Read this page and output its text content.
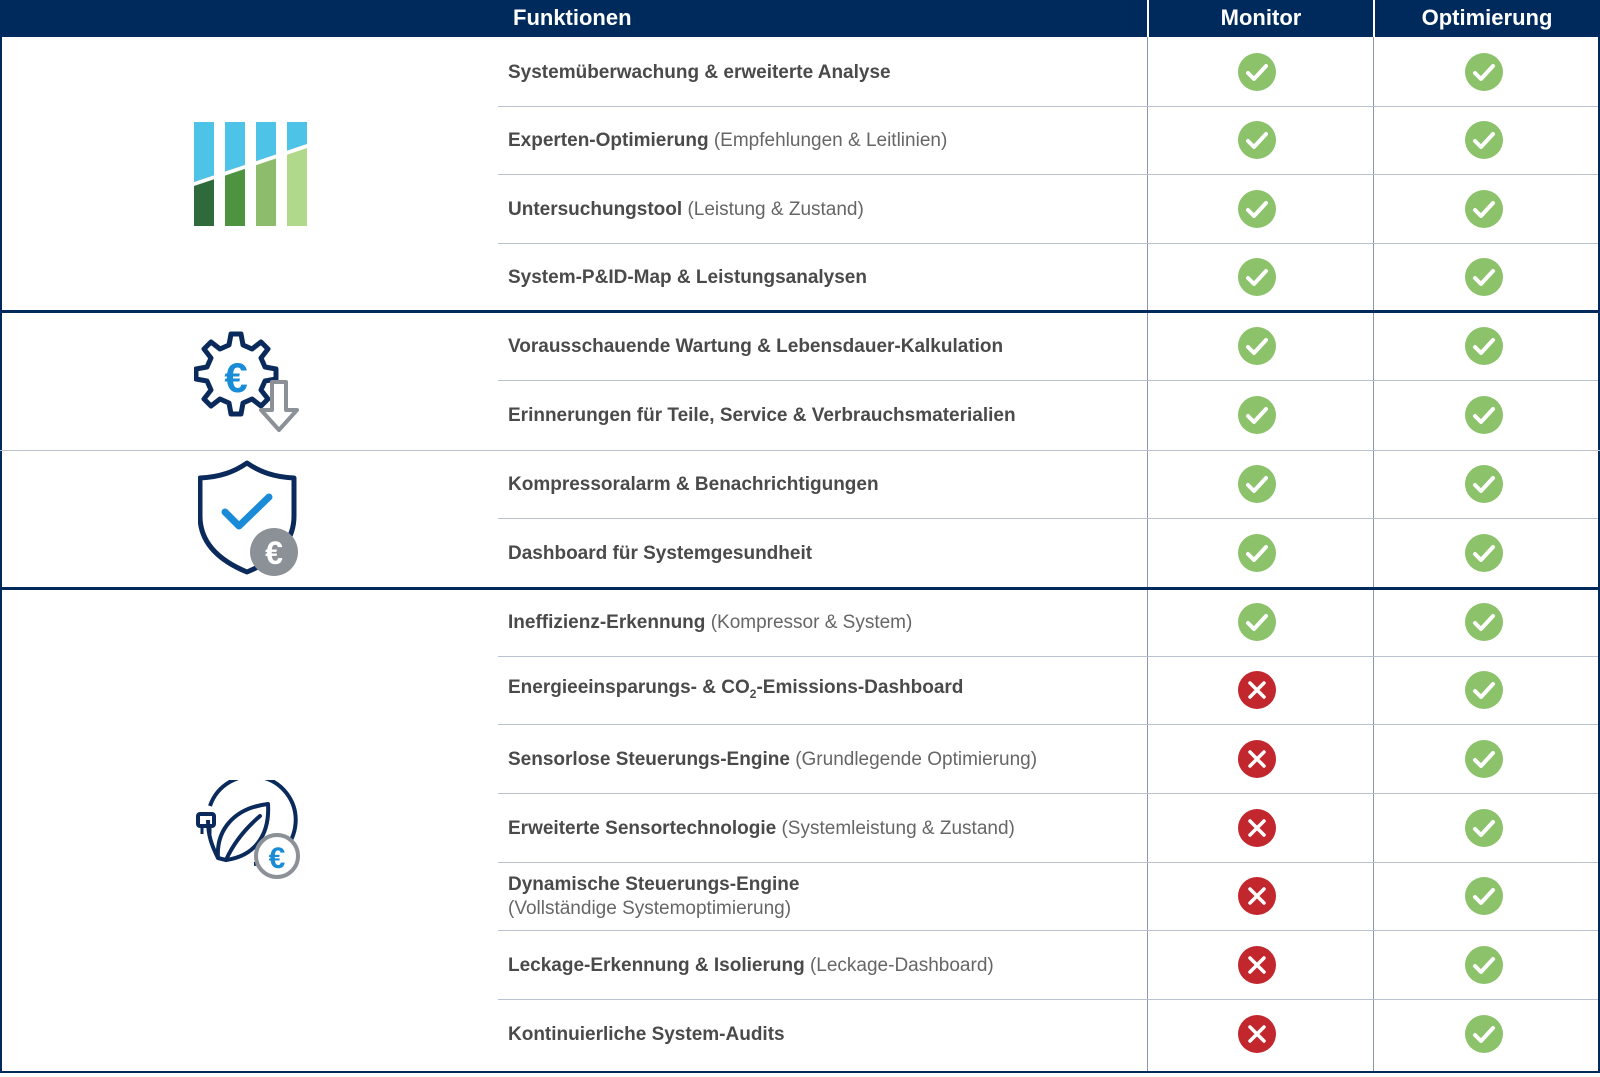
Funktionen	Monitor	Optimierung
€
€
€
Systemüberwachung & erweiterte Analyse
Experten-Optimierung (Empfehlungen & Leitlinien)
Untersuchungstool (Leistung & Zustand)
System-P&ID-Map & Leistungsanalysen
Vorausschauende Wartung & Lebensdauer-Kalkulation
Erinnerungen für Teile, Service & Verbrauchsmaterialien
Kompressoralarm & Benachrichtigungen
Dashboard für Systemgesundheit
Ineffizienz-Erkennung (Kompressor & System)
Energieeinsparungs- & $CO_2-Emissions$-Dashboard
Sensorlose Steuerungs-Engine (Grundlegende Optimierung)
Erweiterte Sensortechnologie (Systemleistung & Zustand)
Dynamische Steuerungs-Engine
(Vollständige Systemoptimierung)
Leckage-Erkennung & Isolierung (Leckage-Dashboard)
Kontinuierliche System-Audits
